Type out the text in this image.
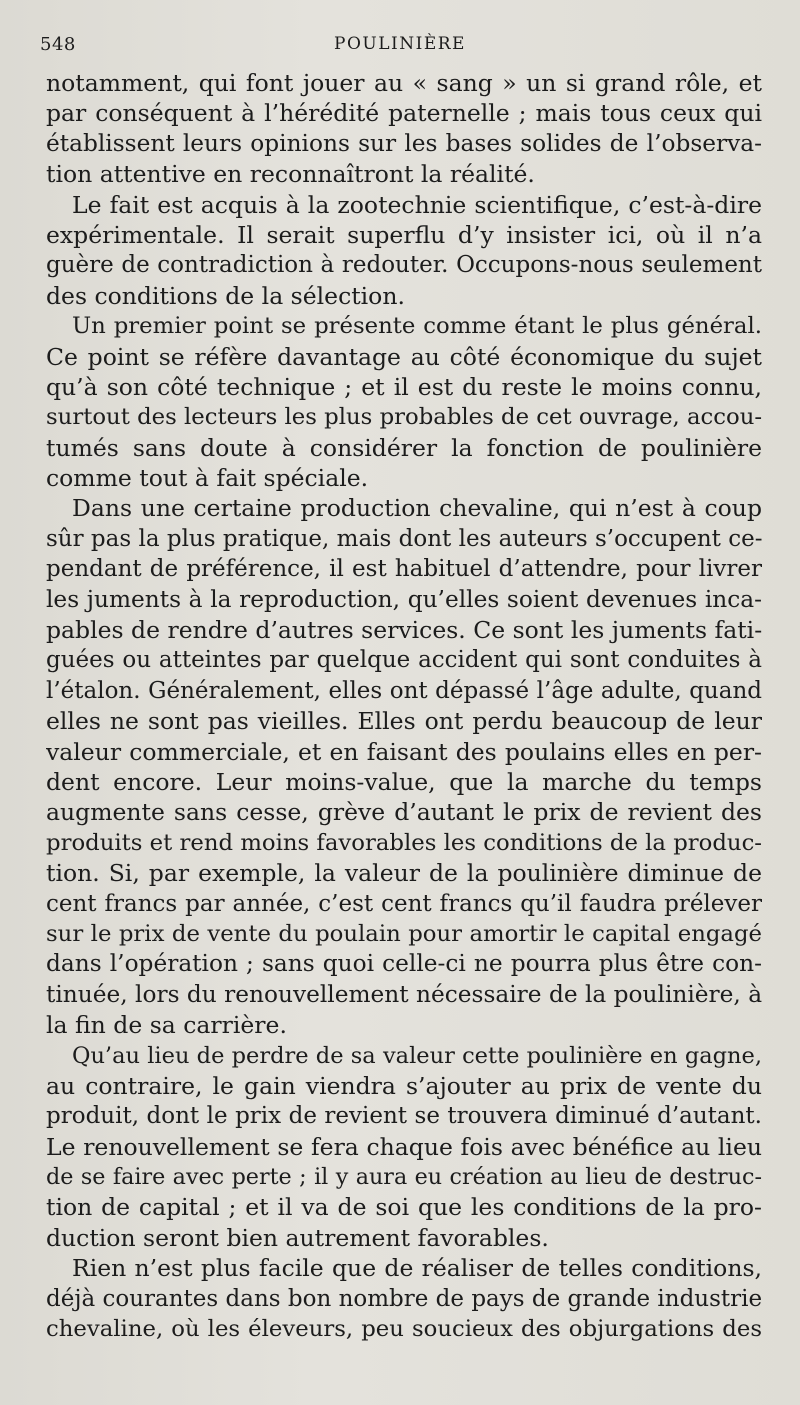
548	POULINIÈRE
notamment, qui font jouer au « sang » un si grand rôle, et
par conséquent à l’hérédité paternelle ; mais tous ceux qui
établissent leurs opinions sur les bases solides de l’observa-
tion attentive en reconnaîtront la réalité.
Le fait est acquis à la zootechnie scientifique, c’est-à-dire
expérimentale. Il serait superflu d’y insister ici, où il n’a
guère de contradiction à redouter. Occupons-nous seulement
des conditions de la sélection.
Un premier point se présente comme étant le plus général.
Ce point se réfère davantage au côté économique du sujet
qu’à son côté technique ; et il est du reste le moins connu,
surtout des lecteurs les plus probables de cet ouvrage, accou-
tumés sans doute à considérer la fonction de poulinière
comme tout à fait spéciale.
Dans une certaine production chevaline, qui n’est à coup
sûr pas la plus pratique, mais dont les auteurs s’occupent ce-
pendant de préférence, il est habituel d’attendre, pour livrer
les juments à la reproduction, qu’elles soient devenues inca-
pables de rendre d’autres services. Ce sont les juments fati-
guées ou atteintes par quelque accident qui sont conduites à
l’étalon. Généralement, elles ont dépassé l’âge adulte, quand
elles ne sont pas vieilles. Elles ont perdu beaucoup de leur
valeur commerciale, et en faisant des poulains elles en per-
dent encore. Leur moins-value, que la marche du temps
augmente sans cesse, grève d’autant le prix de revient des
produits et rend moins favorables les conditions de la produc-
tion. Si, par exemple, la valeur de la poulinière diminue de
cent francs par année, c’est cent francs qu’il faudra prélever
sur le prix de vente du poulain pour amortir le capital engagé
dans l’opération ; sans quoi celle-ci ne pourra plus être con-
tinuée, lors du renouvellement nécessaire de la poulinière, à
la fin de sa carrière.
Qu’au lieu de perdre de sa valeur cette poulinière en gagne,
au contraire, le gain viendra s’ajouter au prix de vente du
produit, dont le prix de revient se trouvera diminué d’autant.
Le renouvellement se fera chaque fois avec bénéfice au lieu
de se faire avec perte ; il y aura eu création au lieu de destruc-
tion de capital ; et il va de soi que les conditions de la pro-
duction seront bien autrement favorables.
Rien n’est plus facile que de réaliser de telles conditions,
déjà courantes dans bon nombre de pays de grande industrie
chevaline, où les éleveurs, peu soucieux des objurgations des
